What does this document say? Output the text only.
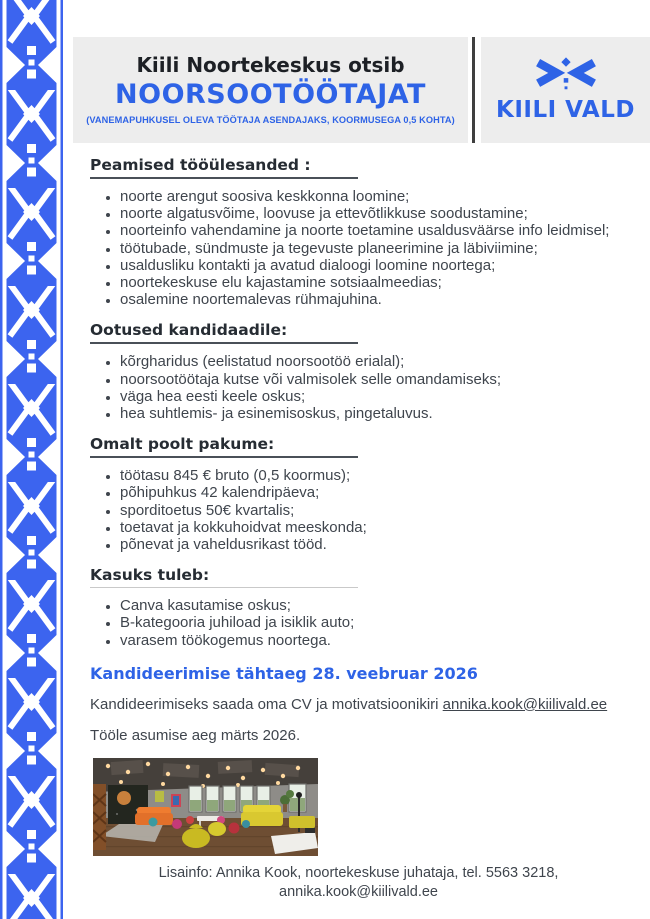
Kiili Noortekeskus otsib
NOORSOOTÖÖTAJAT
(VANEMAPUHKUSEL OLEVA TÖÖTAJA ASENDAJAKS, KOORMUSEGA 0,5 KOHTA)	KIILI VALD
Peamised tööülesanded :
• noorte arengut soosiva keskkonna loomine;
• noorte algatusvõime, loovuse ja ettevõtlikkuse soodustamine;
• noorteinfo vahendamine ja noorte toetamine usaldusväärse info leidmisel;
• töötubade, sündmuste ja tegevuste planeerimine ja läbiviimine;
• usaldusliku kontakti ja avatud dialoogi loomine noortega;
• noortekeskuse elu kajastamine sotsiaalmeedias;
• osalemine noortemalevas rühmajuhina.
Ootused kandidaadile:
• kõrgharidus (eelistatud noorsootöö erialal);
• noorsootöötaja kutse või valmisolek selle omandamiseks;
• väga hea eesti keele oskus;
• hea suhtlemis- ja esinemisoskus, pingetaluvus.
Omalt poolt pakume:
• töötasu 845 € bruto (0,5 koormus);
• põhipuhkus 42 kalendripäeva;
• sporditoetus 50€ kvartalis;
• toetavat ja kokkuhoidvat meeskonda;
• põnevat ja vaheldusrikast tööd.
Kasuks tuleb:
• Canva kasutamise oskus;
• B-kategooria juhiload ja isiklik auto;
• varasem töökogemus noortega.

Kandideerimise tähtaeg 28. veebruar 2026

Kandideerimiseks saada oma CV ja motivatsioonikiri annika.kook@kiilivald.ee

Tööle asumise aeg märts 2026.

Lisainfo: Annika Kook, noortekeskuse juhataja, tel. 5563 3218,
annika.kook@kiilivald.ee
